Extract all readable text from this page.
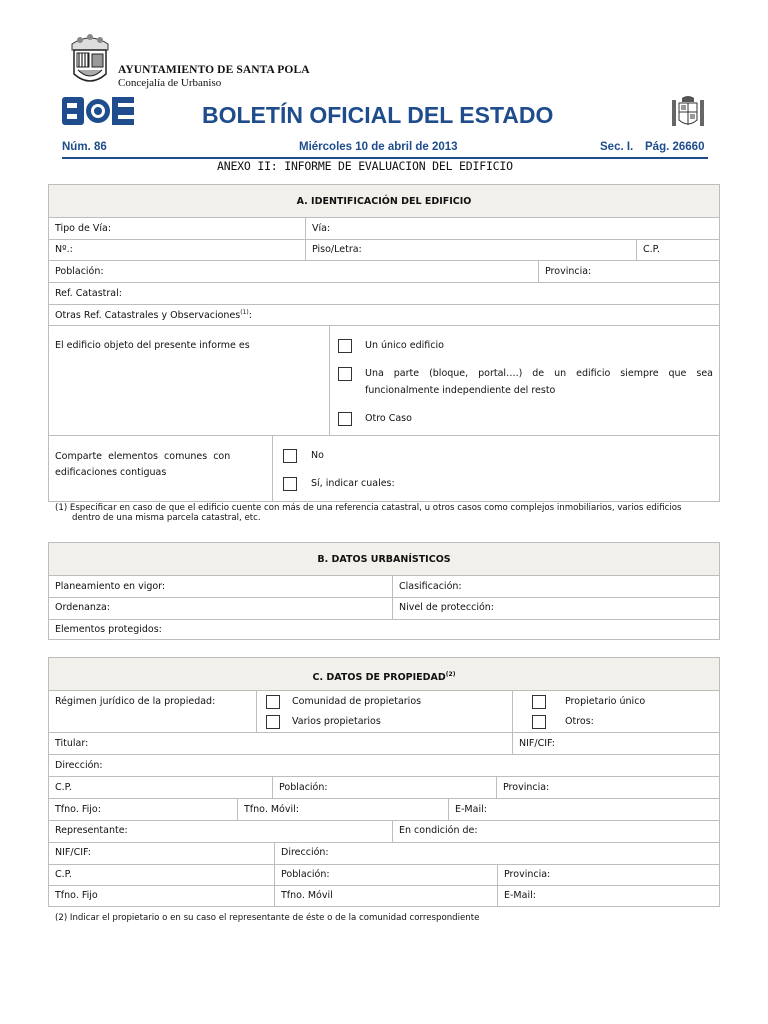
AYUNTAMIENTO DE SANTA POLA
Concejalía de Urbaniso
BOLETÍN OFICIAL DEL ESTADO
Núm. 86	Miércoles 10 de abril de 2013	Sec. I. Pág. 26660
ANEXO II: INFORME DE EVALUACION DEL EDIFICIO
A. IDENTIFICACIÓN DEL EDIFICIO
Tipo de Vía:	Vía:
Nº.:	Piso/Letra:	C.P.
Población:	Provincia:
Ref. Catastral:
Otras Ref. Catastrales y Observaciones$^{(1)}$:
El edificio objeto del presente informe es	Un único edificio
Una parte (bloque, portal….) de un edificio siempre que sea
funcionalmente independiente del resto
Otro Caso
Comparte  elementos  comunes  con
edificaciones contiguas
No
Sí, indicar cuales:
(1) Especificar en caso de que el edificio cuente con más de una referencia catastral, u otros casos como complejos inmobiliarios, varios edificios
dentro de una misma parcela catastral, etc.
B. DATOS URBANÍSTICOS
Planeamiento en vigor:	Clasificación:
Ordenanza:	Nivel de protección:
Elementos protegidos:
C. DATOS DE PROPIEDAD$^{(2)}$
Régimen jurídico de la propiedad:	Comunidad de propietarios
Varios propietarios
Propietario único
Otros:
Titular:	NIF/CIF:
Dirección:
C.P.	Población:	Provincia:
Tfno. Fijo:	Tfno. Móvil:	E-Mail:
Representante:	En condición de:
NIF/CIF:	Dirección:
C.P.	Población:	Provincia:
Tfno. Fijo	Tfno. Móvil	E-Mail:
(2) Indicar el propietario o en su caso el representante de éste o de la comunidad correspondiente
